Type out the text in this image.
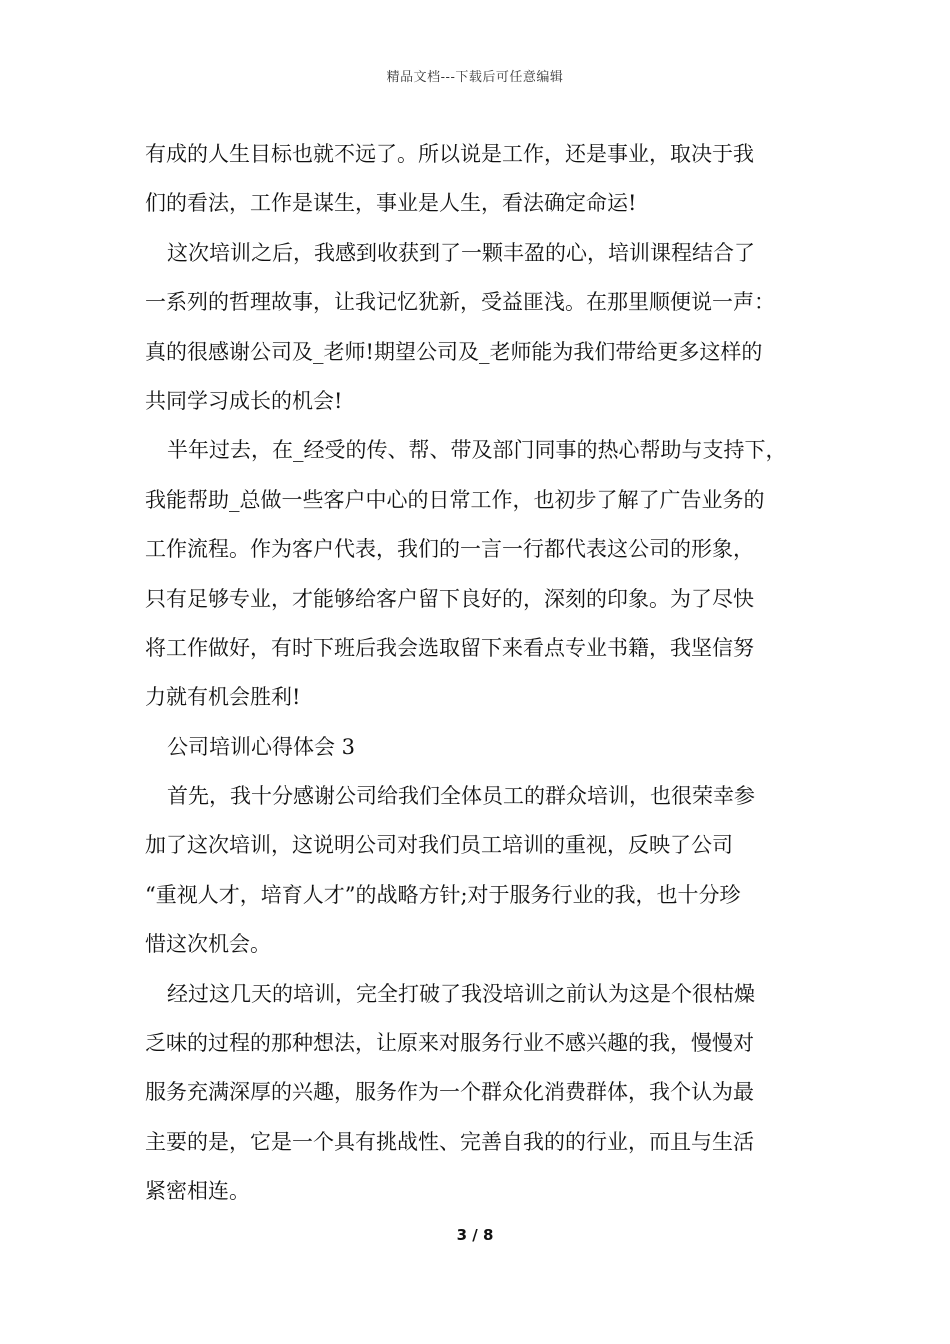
精品文档---下载后可任意编辑
有成的人生目标也就不远了。所以说是工作，还是事业，取决于我
们的看法，工作是谋生，事业是人生，看法确定命运!
这次培训之后，我感到收获到了一颗丰盈的心，培训课程结合了
一系列的哲理故事，让我记忆犹新，受益匪浅。在那里顺便说一声：
真的很感谢公司及_老师!期望公司及_老师能为我们带给更多这样的
共同学习成长的机会!
半年过去，在_经受的传、帮、带及部门同事的热心帮助与支持下，
我能帮助_总做一些客户中心的日常工作，也初步了解了广告业务的
工作流程。作为客户代表，我们的一言一行都代表这公司的形象，
只有足够专业，才能够给客户留下良好的，深刻的印象。为了尽快
将工作做好，有时下班后我会选取留下来看点专业书籍，我坚信努
力就有机会胜利!
公司培训心得体会 3
首先，我十分感谢公司给我们全体员工的群众培训，也很荣幸参
加了这次培训，这说明公司对我们员工培训的重视，反映了公司
“重视人才，培育人才”的战略方针;对于服务行业的我，也十分珍
惜这次机会。
经过这几天的培训，完全打破了我没培训之前认为这是个很枯燥
乏味的过程的那种想法，让原来对服务行业不感兴趣的我，慢慢对
服务充满深厚的兴趣，服务作为一个群众化消费群体，我个认为最
主要的是，它是一个具有挑战性、完善自我的的行业，而且与生活
紧密相连。
3 / 8
